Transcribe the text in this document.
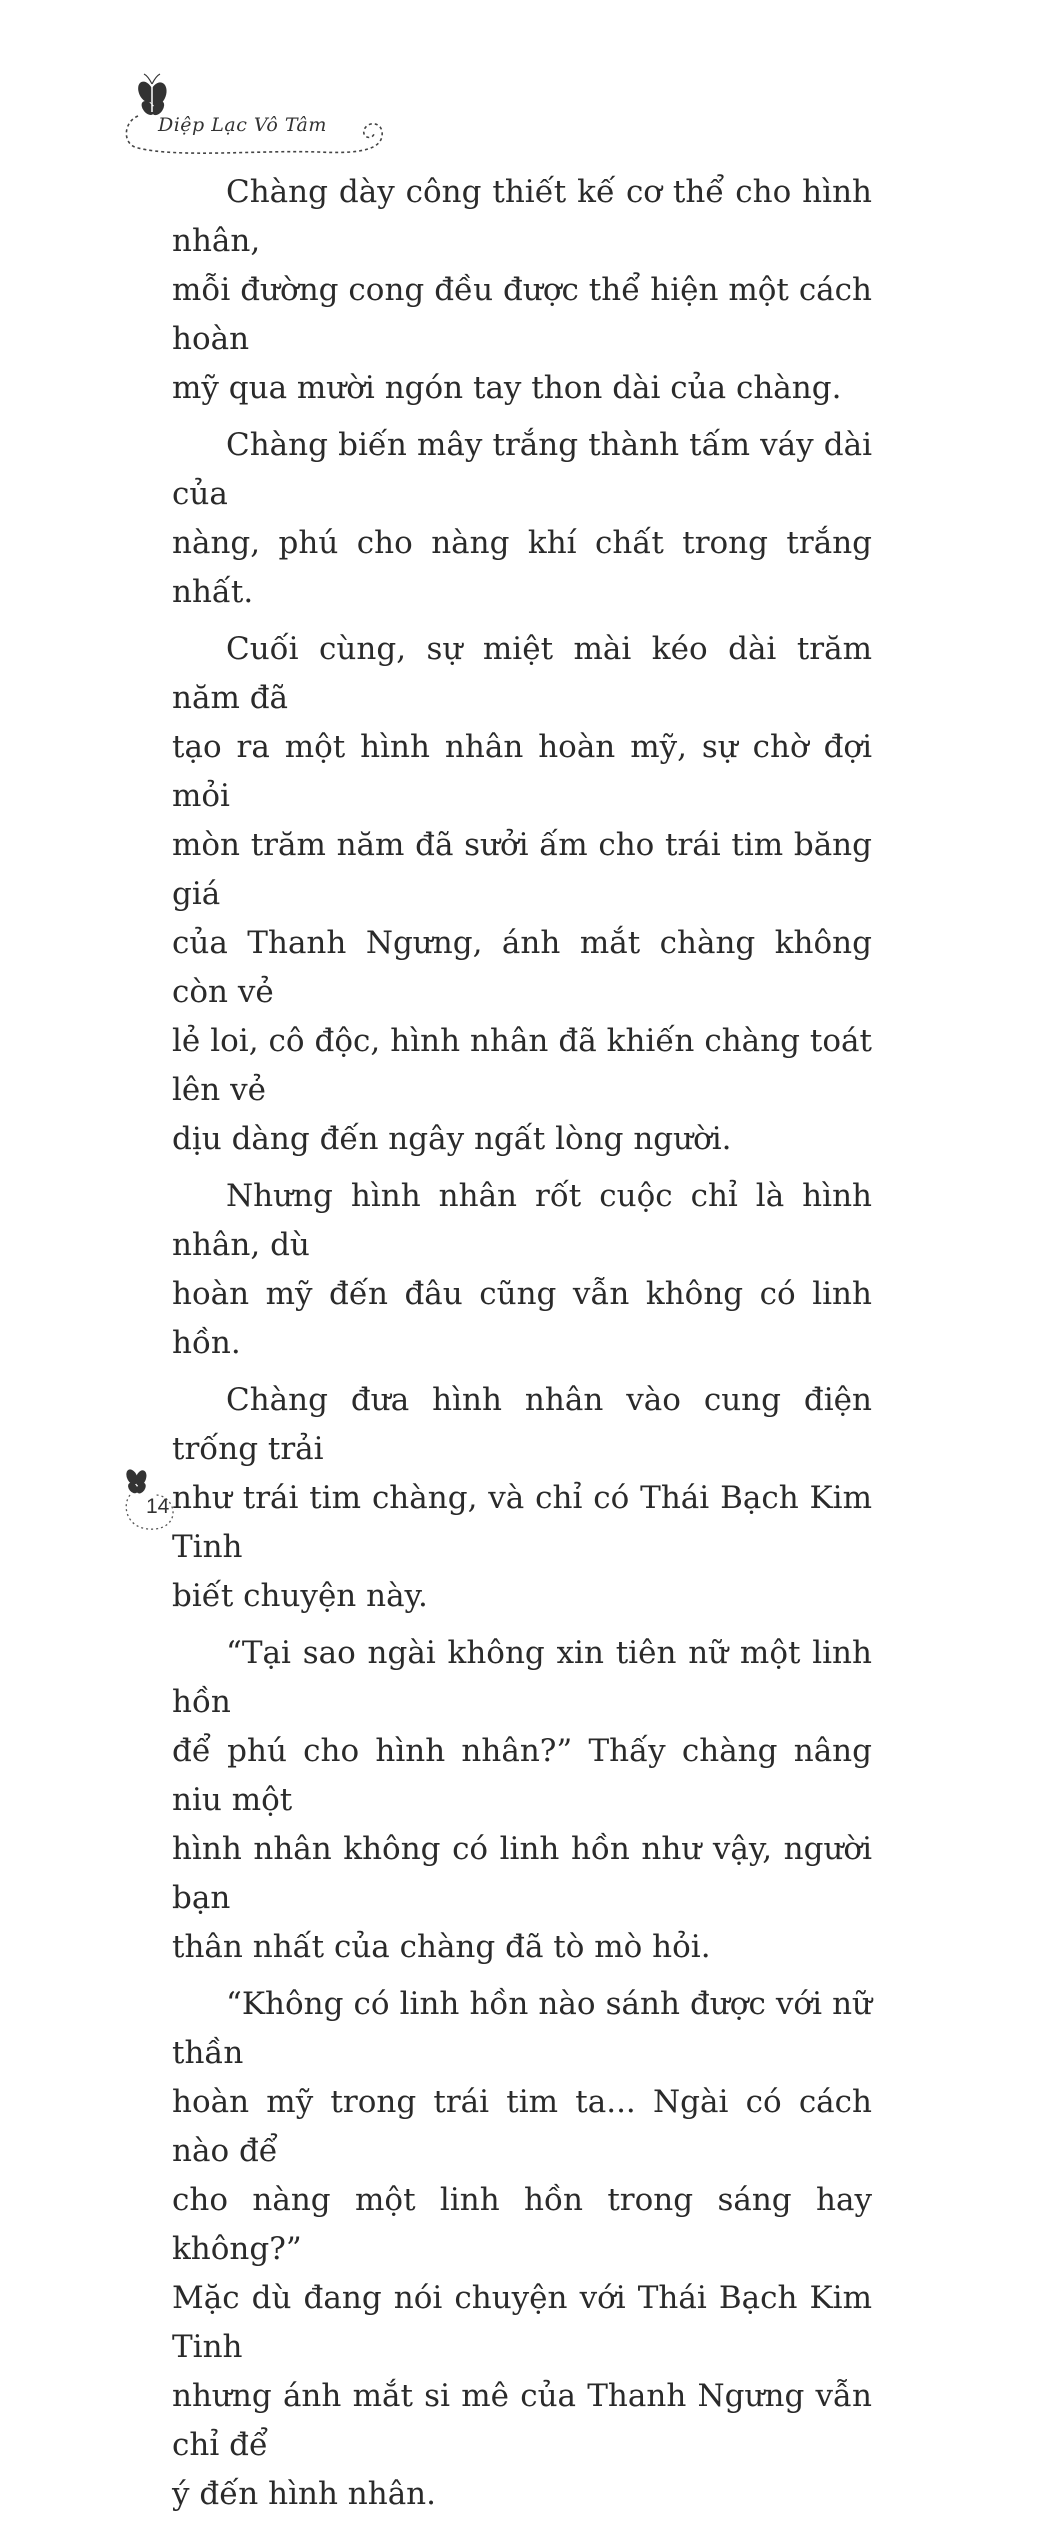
Diệp Lạc Vô Tâm

Chàng dày công thiết kế cơ thể cho hình nhân,
mỗi đường cong đều được thể hiện một cách hoàn
mỹ qua mười ngón tay thon dài của chàng.

Chàng biến mây trắng thành tấm váy dài của
nàng, phú cho nàng khí chất trong trắng nhất.

Cuối cùng, sự miệt mài kéo dài trăm năm đã
tạo ra một hình nhân hoàn mỹ, sự chờ đợi mỏi
mòn trăm năm đã sưởi ấm cho trái tim băng giá
của Thanh Ngưng, ánh mắt chàng không còn vẻ
lẻ loi, cô độc, hình nhân đã khiến chàng toát lên vẻ
dịu dàng đến ngây ngất lòng người.

Nhưng hình nhân rốt cuộc chỉ là hình nhân, dù
hoàn mỹ đến đâu cũng vẫn không có linh hồn.

Chàng đưa hình nhân vào cung điện trống trải
như trái tim chàng, và chỉ có Thái Bạch Kim Tinh
biết chuyện này.

“Tại sao ngài không xin tiên nữ một linh hồn
để phú cho hình nhân?” Thấy chàng nâng niu một
hình nhân không có linh hồn như vậy, người bạn
thân nhất của chàng đã tò mò hỏi.

“Không có linh hồn nào sánh được với nữ thần
hoàn mỹ trong trái tim ta... Ngài có cách nào để
cho nàng một linh hồn trong sáng hay không?”
Mặc dù đang nói chuyện với Thái Bạch Kim Tinh
nhưng ánh mắt si mê của Thanh Ngưng vẫn chỉ để
ý đến hình nhân.

14
